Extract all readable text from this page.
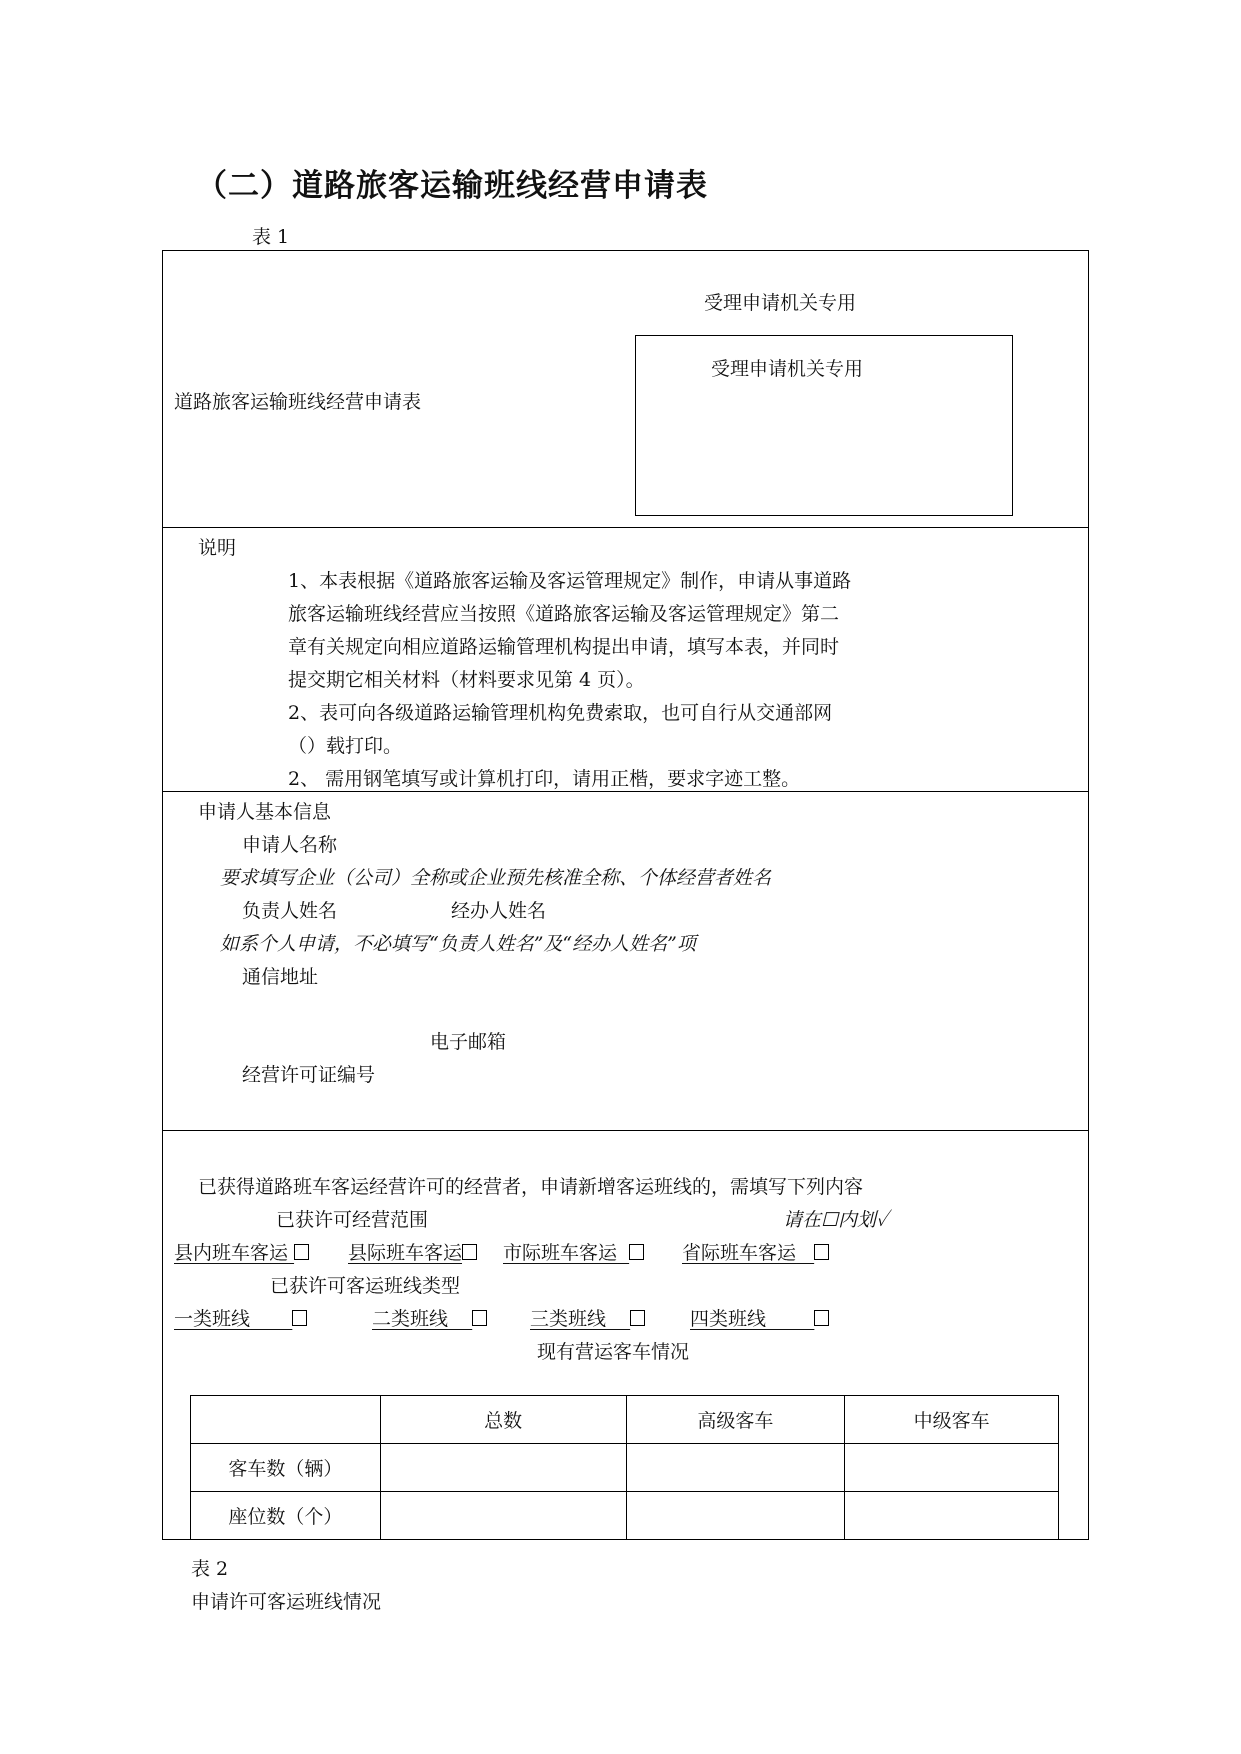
（二）道路旅客运输班线经营申请表
表 1
道路旅客运输班线经营申请表
受理申请机关专用
受理申请机关专用
说明
1、本表根据《道路旅客运输及客运管理规定》制作，申请从事道路
旅客运输班线经营应当按照《道路旅客运输及客运管理规定》第二
章有关规定向相应道路运输管理机构提出申请，填写本表，并同时
提交期它相关材料（材料要求见第 4 页）。
2、表可向各级道路运输管理机构免费索取，也可自行从交通部网
（）载打印。
2、 需用钢笔填写或计算机打印，请用正楷，要求字迹工整。
申请人基本信息
申请人名称
要求填写企业（公司）全称或企业预先核准全称、个体经营者姓名
负责人姓名	经办人姓名
如系个人申请，不必填写“负责人姓名”及“经办人姓名”项
通信地址
电子邮箱
经营许可证编号
已获得道路班车客运经营许可的经营者，申请新增客运班线的，需填写下列内容
已获许可经营范围	请在☐内划✓
县内班车客运	县际班车客运	市际班车客运	省际班车客运
已获许可客运班线类型
一类班线	二类班线	三类班线	四类班线
现有营运客车情况
	总数	高级客车	中级客车
客车数（辆）			
座位数（个）			
表 2
申请许可客运班线情况
